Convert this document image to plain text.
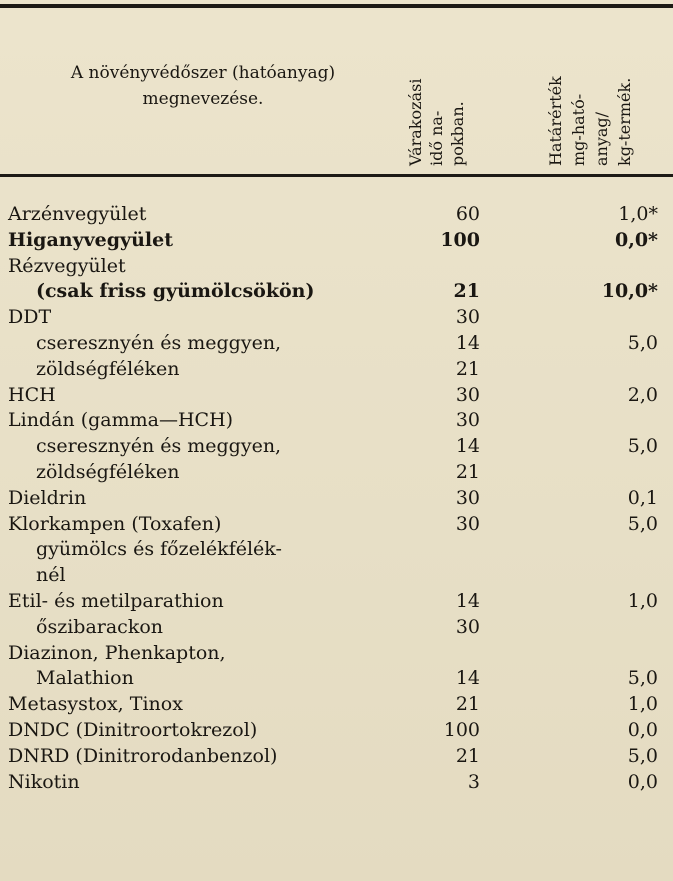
A növényvédőszer (hatóanyag)
megnevezése.	Várakozási idő na- pokban.	Határérték mg-ható- anyag/ kg-termék.
Arzénvegyület	60	1,0*
Higanyvegyület	100	0,0*
Rézvegyület
(csak friss gyümölcsökön)	21	10,0*
DDT	30
cseresznyén és meggyen,	14	5,0
zöldségféléken	21
HCH	30	2,0
Lindán (gamma—HCH)	30
cseresznyén és meggyen,	14	5,0
zöldségféléken	21
Dieldrin	30	0,1
Klorkampen (Toxafen)	30	5,0
gyümölcs és főzelékfélék-
nél
Etil- és metilparathion	14	1,0
őszibarackon	30
Diazinon, Phenkapton,
Malathion	14	5,0
Metasystox, Tinox	21	1,0
DNDC (Dinitroortokrezol)	100	0,0
DNRD (Dinitrorodanbenzol)	21	5,0
Nikotin	3	0,0
